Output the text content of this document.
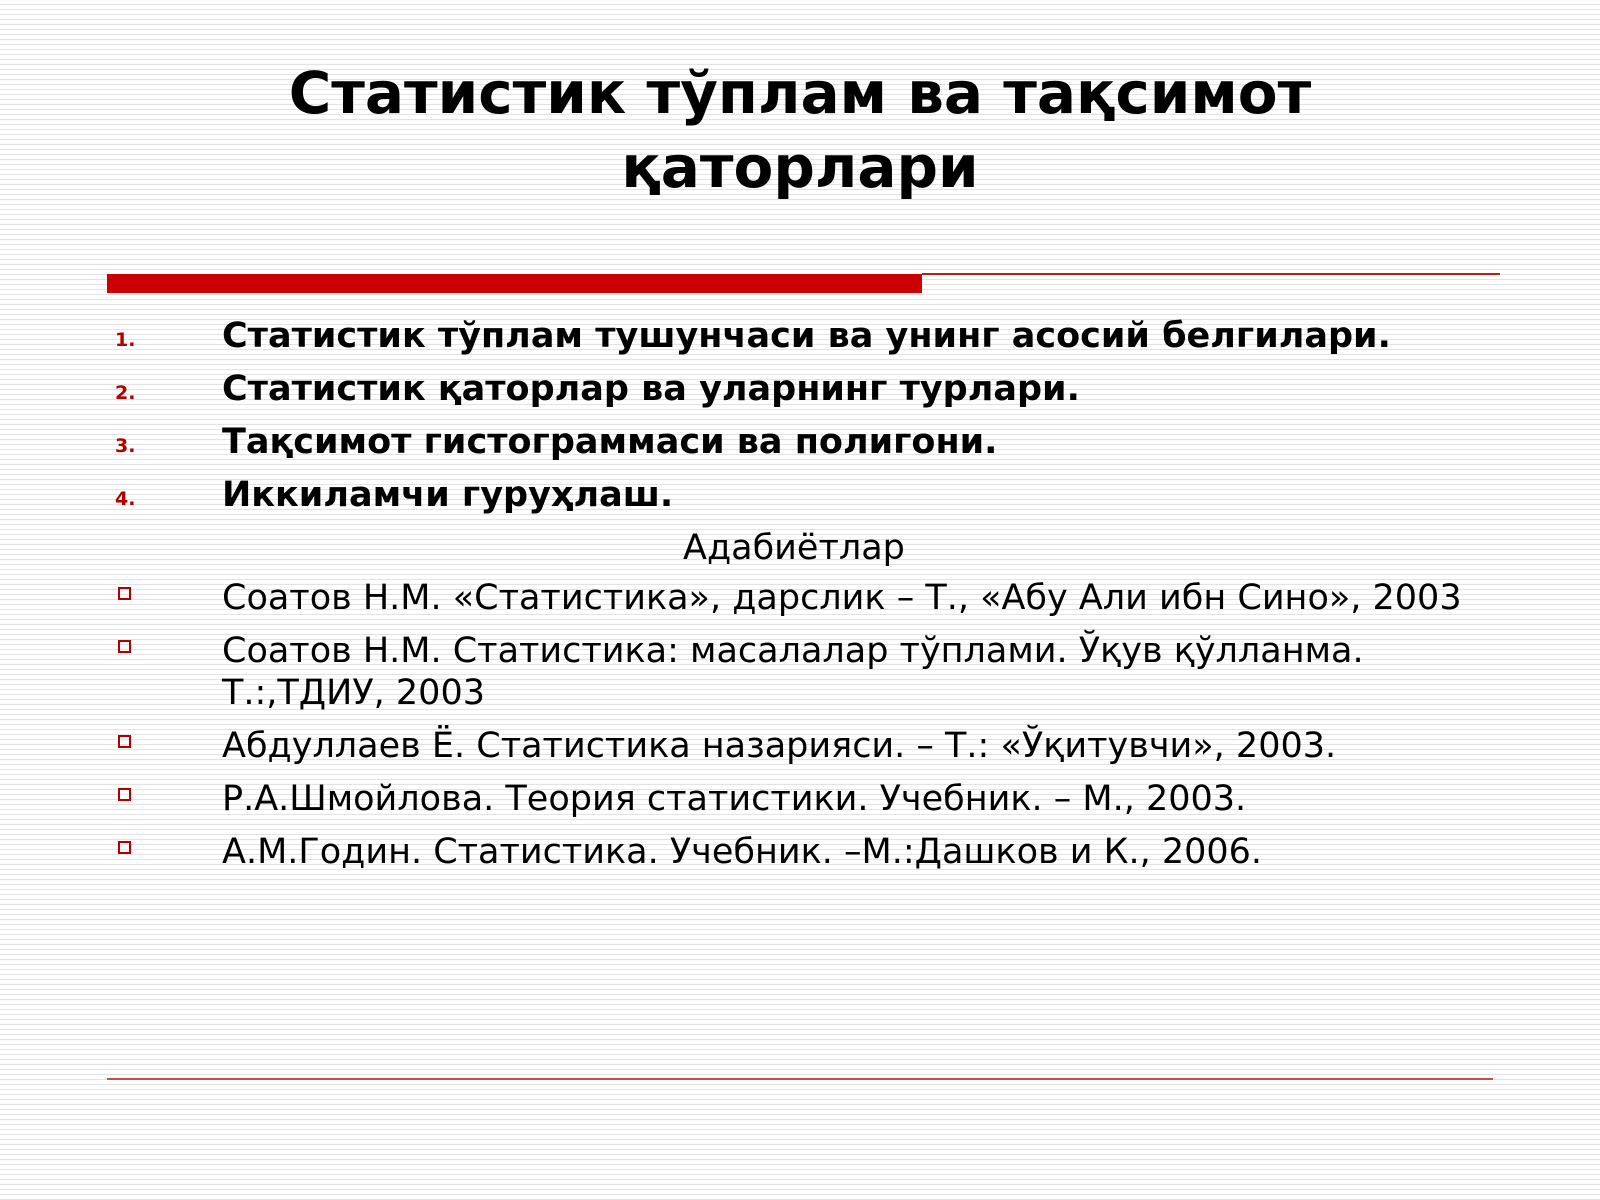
Статистик тўплам ва тақсимот
қаторлари
1. Статистик тўплам тушунчаси ва унинг асосий белгилари.
2. Статистик қаторлар ва уларнинг турлари.
3. Тақсимот гистограммаси ва полигони.
4. Иккиламчи гуруҳлаш.
Адабиётлар
Соатов Н.М. «Статистика», дарслик – Т., «Абу Али ибн Сино», 2003
Соатов Н.М. Статистика: масалалар тўплами. Ўқув қўлланма. Т.:,ТДИУ, 2003
Абдуллаев Ё. Статистика назарияси. – Т.: «Ўқитувчи», 2003.
Р.А.Шмойлова. Теория статистики. Учебник. – М., 2003.
А.М.Годин. Статистика. Учебник. –М.:Дашков и К., 2006.
